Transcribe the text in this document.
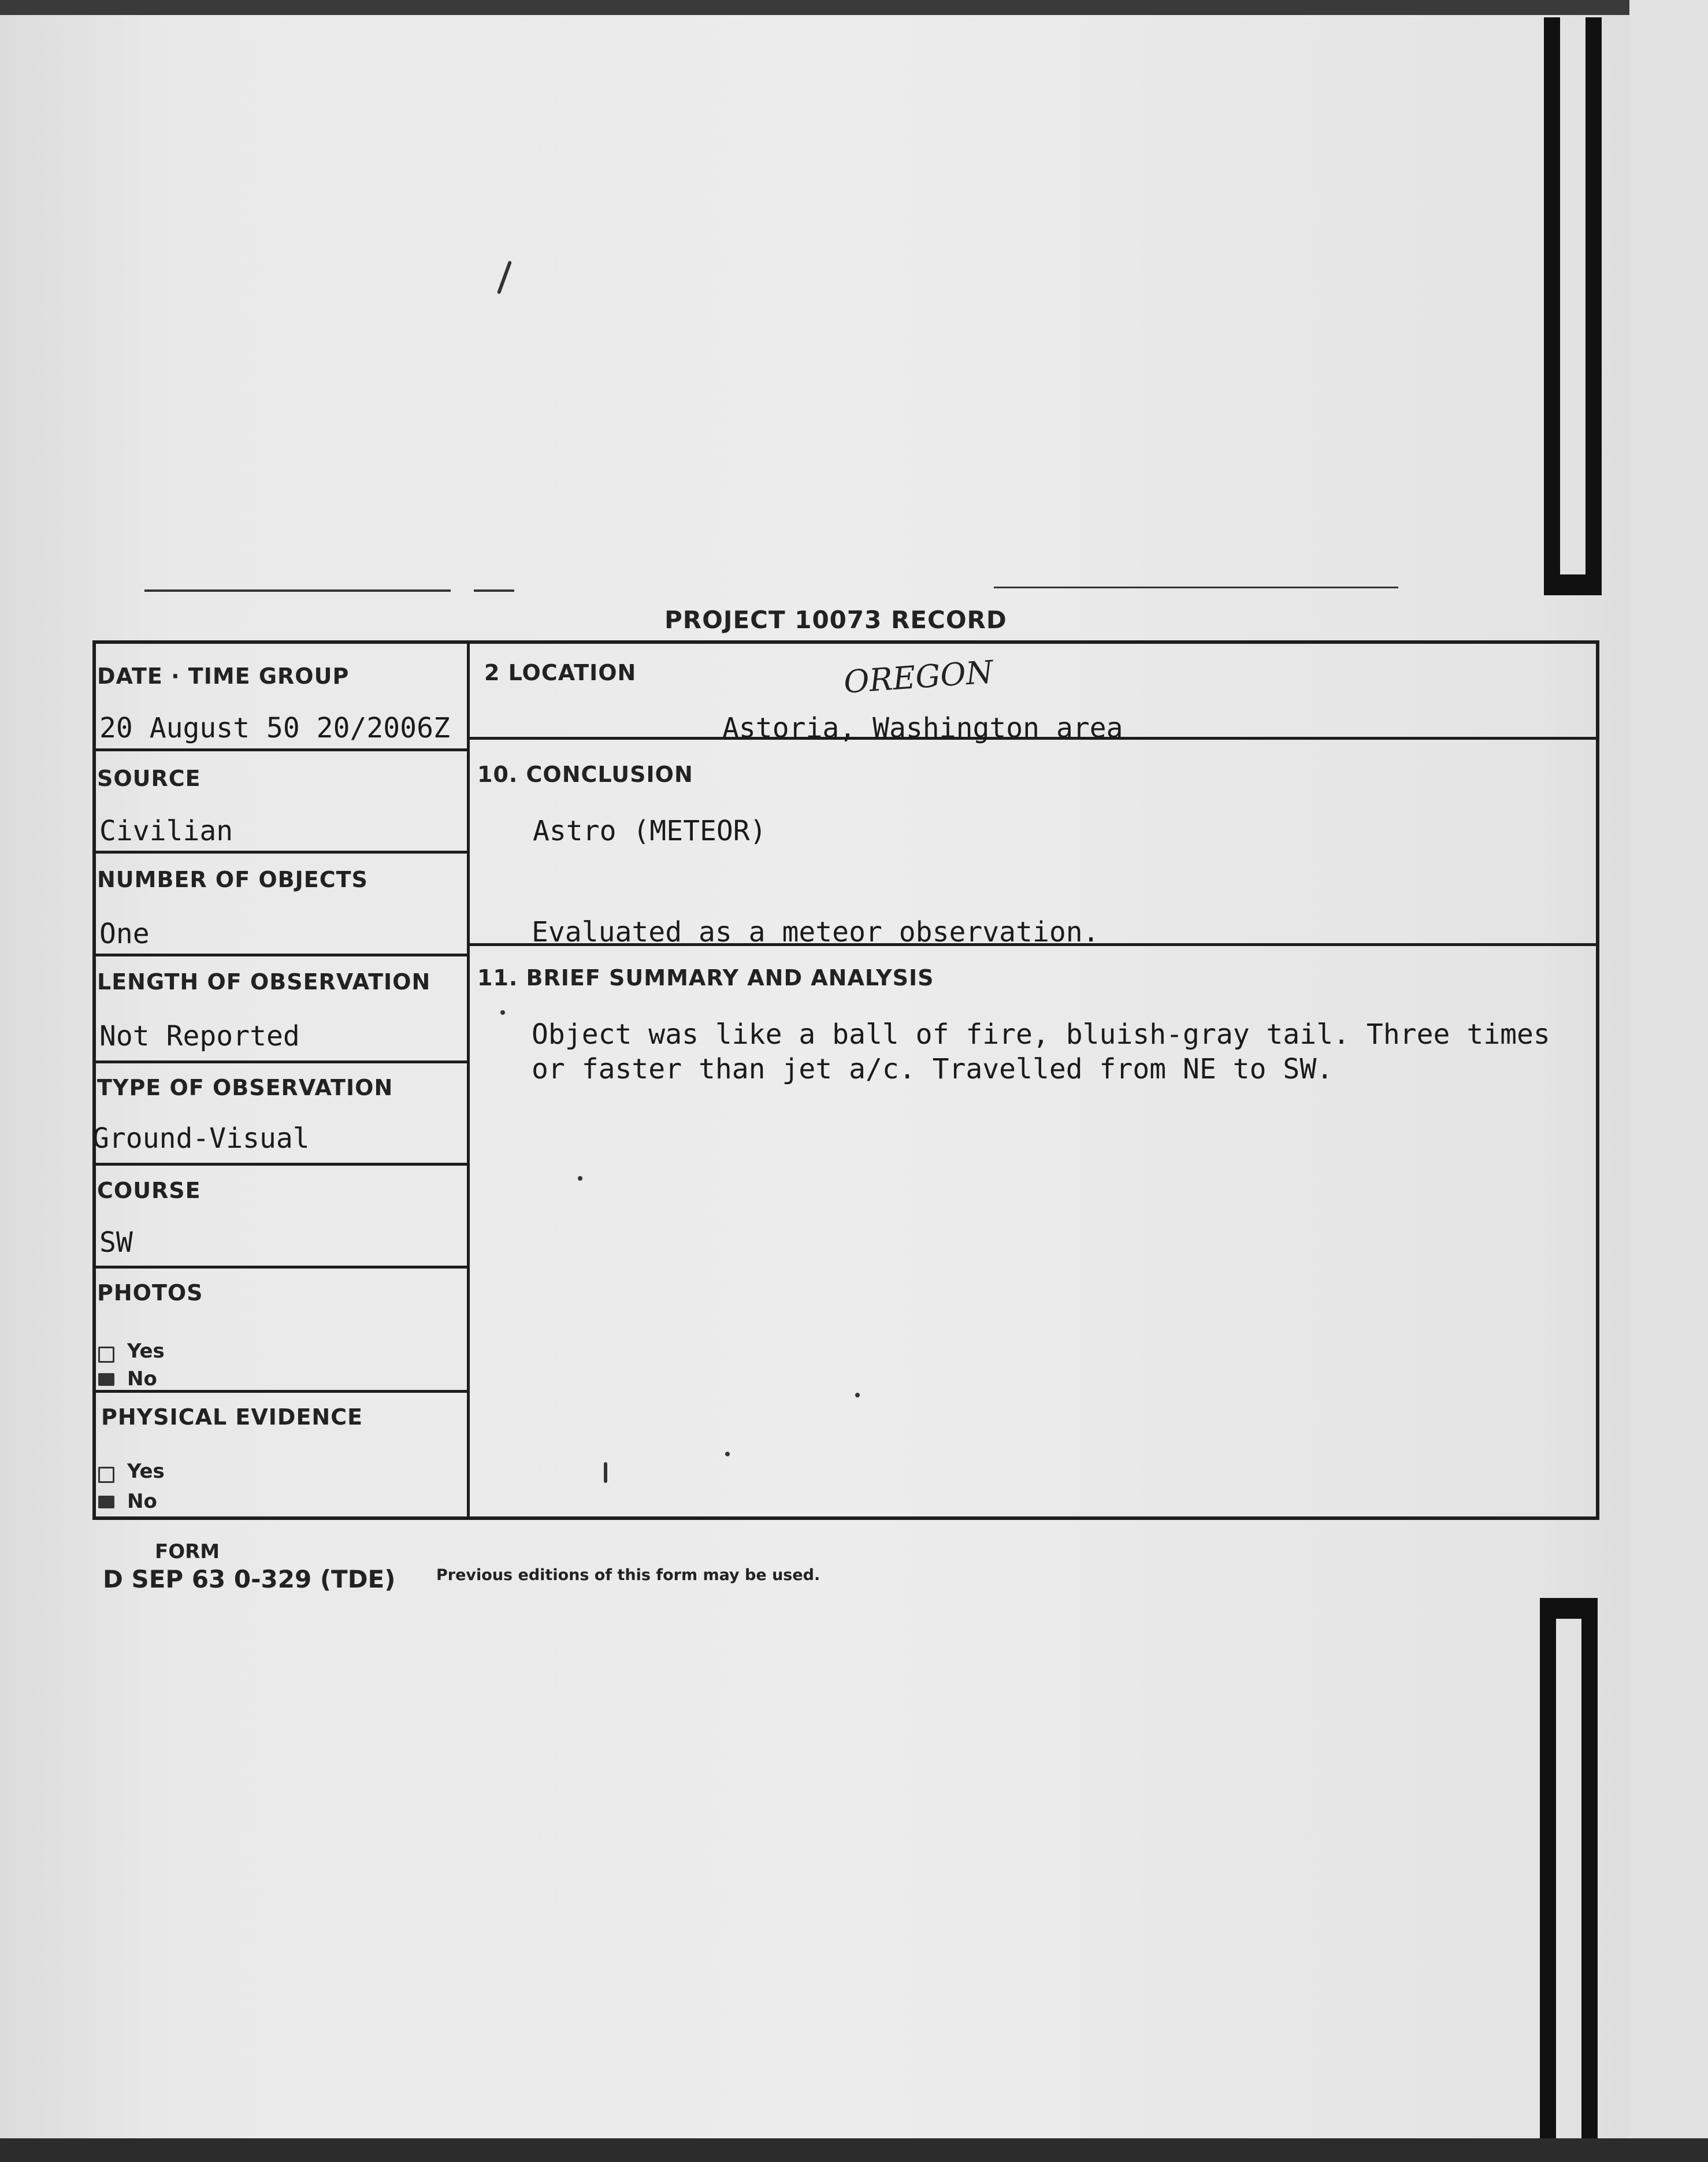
PROJECT 10073 RECORD
DATE · TIME GROUP
20 August 50 20/2006Z
2 LOCATION
Astoria, Washington area
OREGON
SOURCE
Civilian
10. CONCLUSION
Astro (METEOR)
Evaluated as a meteor observation.
NUMBER OF OBJECTS
One
LENGTH OF OBSERVATION
Not Reported
11. BRIEF SUMMARY AND ANALYSIS
Object was like a ball of fire, bluish-gray tail. Three times
or faster than jet a/c. Travelled from NE to SW.
TYPE OF OBSERVATION
Ground-Visual
COURSE
SW
PHOTOS
Yes
No
PHYSICAL EVIDENCE
Yes
No
FORM
D SEP 63 0-329 (TDE)	Previous editions of this form may be used.
